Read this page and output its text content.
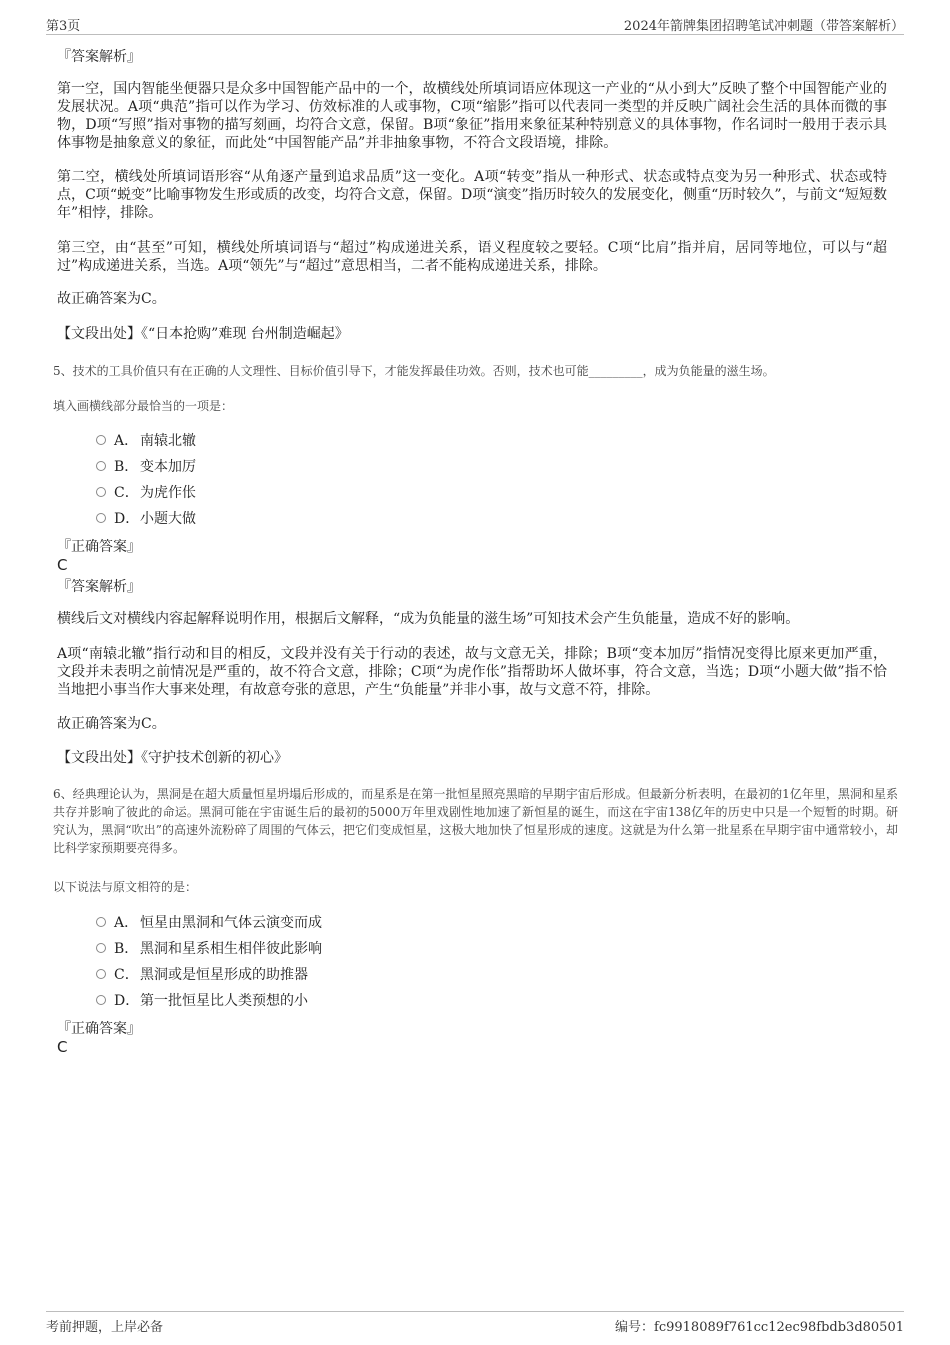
第3页	2024年箭牌集团招聘笔试冲刺题（带答案解析）
『答案解析』
第一空，国内智能坐便器只是众多中国智能产品中的一个，故横线处所填词语应体现这一产业的“从小到大”反映了整个中国智能产业的发展状况。A项“典范”指可以作为学习、仿效标准的人或事物，C项“缩影”指可以代表同一类型的并反映广阔社会生活的具体而微的事物，D项“写照”指对事物的描写刻画，均符合文意，保留。B项“象征”指用来象征某种特别意义的具体事物，作名词时一般用于表示具体事物是抽象意义的象征，而此处“中国智能产品”并非抽象事物，不符合文段语境，排除。
第二空，横线处所填词语形容“从角逐产量到追求品质”这一变化。A项“转变”指从一种形式、状态或特点变为另一种形式、状态或特点，C项“蜕变”比喻事物发生形或质的改变，均符合文意，保留。D项“演变”指历时较久的发展变化，侧重“历时较久”，与前文“短短数年”相悖，排除。
第三空，由“甚至”可知，横线处所填词语与“超过”构成递进关系，语义程度较之要轻。C项“比肩”指并肩，居同等地位，可以与“超过”构成递进关系，当选。A项“领先”与“超过”意思相当，二者不能构成递进关系，排除。
故正确答案为C。
【文段出处】《“日本抢购”难现 台州制造崛起》
5、技术的工具价值只有在正确的人文理性、目标价值引导下，才能发挥最佳功效。否则，技术也可能_________，成为负能量的滋生场。
填入画横线部分最恰当的一项是：
A． 南辕北辙
B． 变本加厉
C．为虎作伥
D．小题大做
『正确答案』
C
『答案解析』
横线后文对横线内容起解释说明作用，根据后文解释，“成为负能量的滋生场”可知技术会产生负能量，造成不好的影响。
A项“南辕北辙”指行动和目的相反，文段并没有关于行动的表述，故与文意无关，排除；B项“变本加厉”指情况变得比原来更加严重，文段并未表明之前情况是严重的，故不符合文意，排除；C项“为虎作伥”指帮助坏人做坏事，符合文意，当选；D项“小题大做”指不恰当地把小事当作大事来处理，有故意夸张的意思，产生“负能量”并非小事，故与文意不符，排除。
故正确答案为C。
【文段出处】《守护技术创新的初心》
6、经典理论认为，黑洞是在超大质量恒星坍塌后形成的，而星系是在第一批恒星照亮黑暗的早期宇宙后形成。但最新分析表明，在最初的1亿年里，黑洞和星系共存并影响了彼此的命运。黑洞可能在宇宙诞生后的最初的5000万年里戏剧性地加速了新恒星的诞生，而这在宇宙138亿年的历史中只是一个短暂的时期。研究认为，黑洞“吹出”的高速外流粉碎了周围的气体云，把它们变成恒星，这极大地加快了恒星形成的速度。这就是为什么第一批星系在早期宇宙中通常较小，却比科学家预期要亮得多。
以下说法与原文相符的是：
A． 恒星由黑洞和气体云演变而成
B． 黑洞和星系相生相伴彼此影响
C．黑洞或是恒星形成的助推器
D．第一批恒星比人类预想的小
『正确答案』
C
考前押题，上岸必备	编号：fc9918089f761cc12ec98fbdb3d80501
